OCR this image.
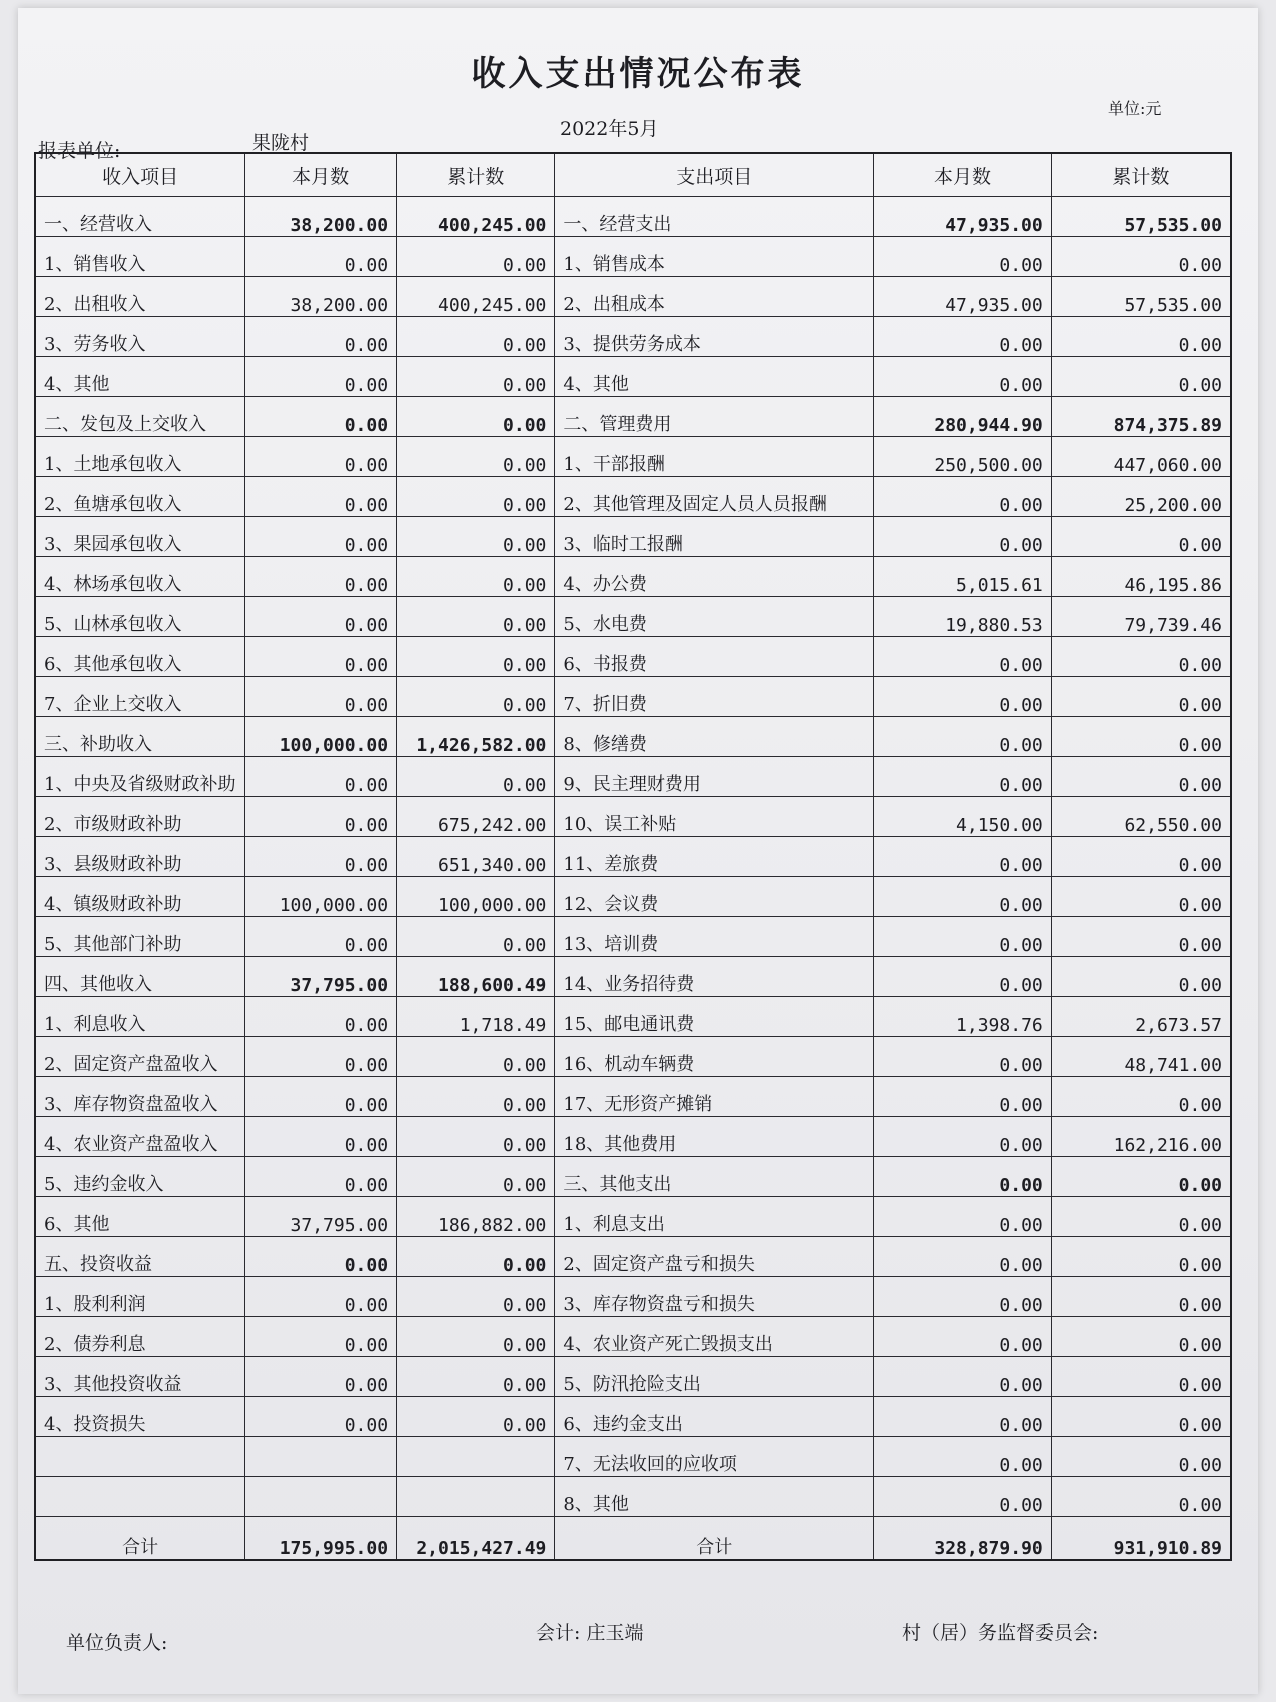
收入支出情况公布表
单位:元
报表单位:	果陇村
2022年5月
收入项目	本月数	累计数	支出项目	本月数	累计数
一、经营收入	38,200.00	400,245.00	一、经营支出	47,935.00	57,535.00
1、销售收入	0.00	0.00	1、销售成本	0.00	0.00
2、出租收入	38,200.00	400,245.00	2、出租成本	47,935.00	57,535.00
3、劳务收入	0.00	0.00	3、提供劳务成本	0.00	0.00
4、其他	0.00	0.00	4、其他	0.00	0.00
二、发包及上交收入	0.00	0.00	二、管理费用	280,944.90	874,375.89
1、土地承包收入	0.00	0.00	1、干部报酬	250,500.00	447,060.00
2、鱼塘承包收入	0.00	0.00	2、其他管理及固定人员人员报酬	0.00	25,200.00
3、果园承包收入	0.00	0.00	3、临时工报酬	0.00	0.00
4、林场承包收入	0.00	0.00	4、办公费	5,015.61	46,195.86
5、山林承包收入	0.00	0.00	5、水电费	19,880.53	79,739.46
6、其他承包收入	0.00	0.00	6、书报费	0.00	0.00
7、企业上交收入	0.00	0.00	7、折旧费	0.00	0.00
三、补助收入	100,000.00	1,426,582.00	8、修缮费	0.00	0.00
1、中央及省级财政补助	0.00	0.00	9、民主理财费用	0.00	0.00
2、市级财政补助	0.00	675,242.00	10、误工补贴	4,150.00	62,550.00
3、县级财政补助	0.00	651,340.00	11、差旅费	0.00	0.00
4、镇级财政补助	100,000.00	100,000.00	12、会议费	0.00	0.00
5、其他部门补助	0.00	0.00	13、培训费	0.00	0.00
四、其他收入	37,795.00	188,600.49	14、业务招待费	0.00	0.00
1、利息收入	0.00	1,718.49	15、邮电通讯费	1,398.76	2,673.57
2、固定资产盘盈收入	0.00	0.00	16、机动车辆费	0.00	48,741.00
3、库存物资盘盈收入	0.00	0.00	17、无形资产摊销	0.00	0.00
4、农业资产盘盈收入	0.00	0.00	18、其他费用	0.00	162,216.00
5、违约金收入	0.00	0.00	三、其他支出	0.00	0.00
6、其他	37,795.00	186,882.00	1、利息支出	0.00	0.00
五、投资收益	0.00	0.00	2、固定资产盘亏和损失	0.00	0.00
1、股利利润	0.00	0.00	3、库存物资盘亏和损失	0.00	0.00
2、债券利息	0.00	0.00	4、农业资产死亡毁损支出	0.00	0.00
3、其他投资收益	0.00	0.00	5、防汛抢险支出	0.00	0.00
4、投资损失	0.00	0.00	6、违约金支出	0.00	0.00
			7、无法收回的应收项	0.00	0.00
			8、其他	0.00	0.00
合计	175,995.00	2,015,427.49	合计	328,879.90	931,910.89
单位负责人:	会计: 庄玉端	村（居）务监督委员会:
